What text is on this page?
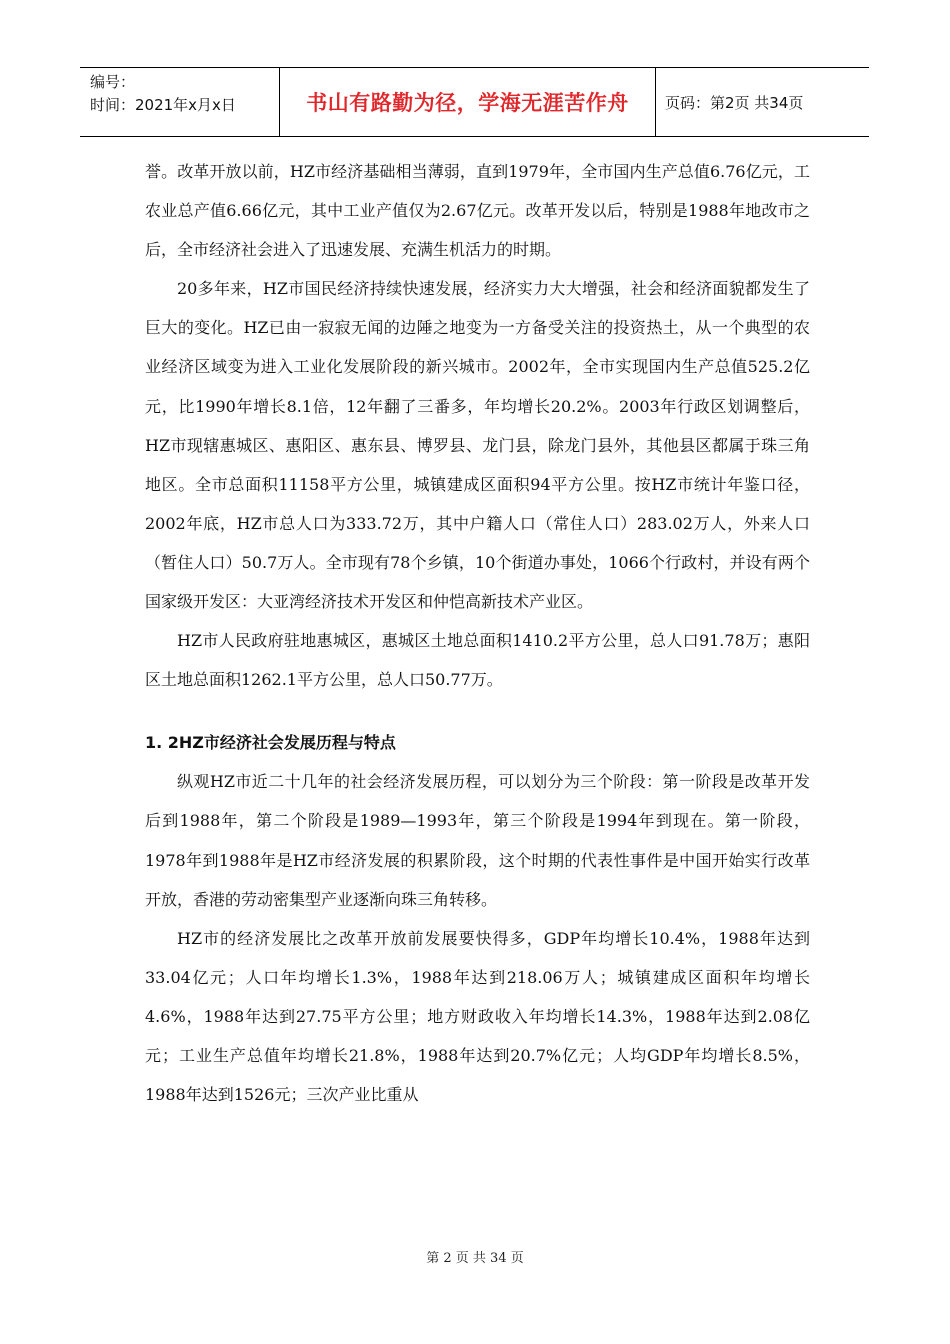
编号：
时间：2021年x月x日	书山有路勤为径，学海无涯苦作舟	页码：第2页 共34页

誉。改革开放以前，HZ市经济基础相当薄弱，直到1979年，全市国内生产总值6.76亿元，工农业总产值6.66亿元，其中工业产值仅为2.67亿元。改革开发以后，特别是1988年地改市之后，全市经济社会进入了迅速发展、充满生机活力的时期。

20多年来，HZ市国民经济持续快速发展，经济实力大大增强，社会和经济面貌都发生了巨大的变化。HZ已由一寂寂无闻的边陲之地变为一方备受关注的投资热土，从一个典型的农业经济区域变为进入工业化发展阶段的新兴城市。2002年，全市实现国内生产总值525.2亿元，比1990年增长8.1倍，12年翻了三番多，年均增长20.2%。2003年行政区划调整后，HZ市现辖惠城区、惠阳区、惠东县、博罗县、龙门县，除龙门县外，其他县区都属于珠三角地区。全市总面积11158平方公里，城镇建成区面积94平方公里。按HZ市统计年鉴口径，2002年底，HZ市总人口为333.72万，其中户籍人口（常住人口）283.02万人，外来人口（暂住人口）50.7万人。全市现有78个乡镇，10个街道办事处，1066个行政村，并设有两个国家级开发区：大亚湾经济技术开发区和仲恺高新技术产业区。

HZ市人民政府驻地惠城区，惠城区土地总面积1410.2平方公里，总人口91.78万；惠阳区土地总面积1262.1平方公里，总人口50.77万。

1. 2HZ市经济社会发展历程与特点

纵观HZ市近二十几年的社会经济发展历程，可以划分为三个阶段：第一阶段是改革开发后到1988年，第二个阶段是1989—1993年，第三个阶段是1994年到现在。第一阶段，1978年到1988年是HZ市经济发展的积累阶段，这个时期的代表性事件是中国开始实行改革开放，香港的劳动密集型产业逐渐向珠三角转移。

HZ市的经济发展比之改革开放前发展要快得多，GDP年均增长10.4%，1988年达到33.04亿元；人口年均增长1.3%，1988年达到218.06万人；城镇建成区面积年均增长4.6%，1988年达到27.75平方公里；地方财政收入年均增长14.3%，1988年达到2.08亿元；工业生产总值年均增长21.8%，1988年达到20.7%亿元；人均GDP年均增长8.5%，1988年达到1526元；三次产业比重从

第 2 页 共 34 页
